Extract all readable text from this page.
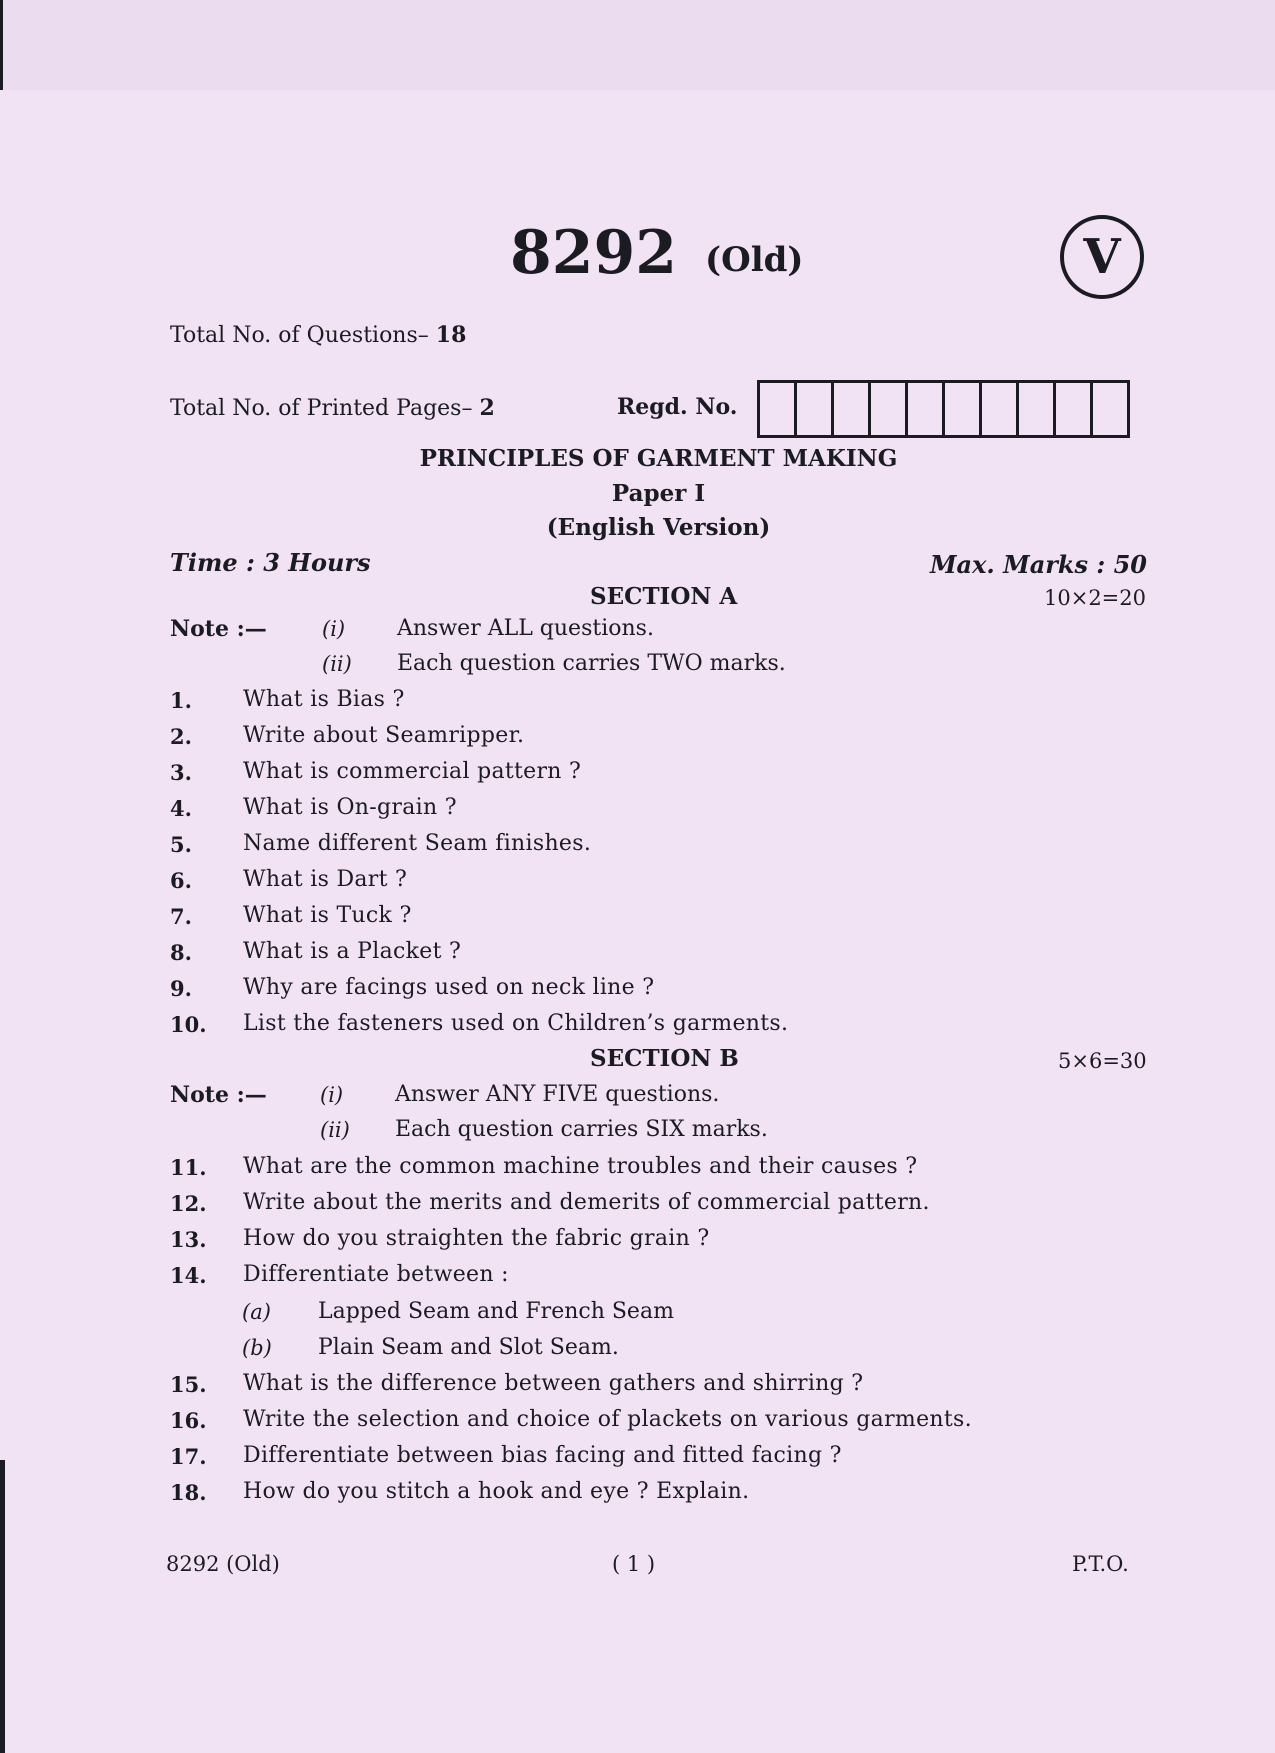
8292 (Old)	V
Total No. of Questions– 18
Total No. of Printed Pages– 2	Regd. No.
PRINCIPLES OF GARMENT MAKING
Paper I
(English Version)
Time : 3 Hours	Max. Marks : 50
SECTION A	10×2=20
Note :—	(i) Answer ALL questions.
(ii) Each question carries TWO marks.
1. What is Bias ?
2. Write about Seamripper.
3. What is commercial pattern ?
4. What is On-grain ?
5. Name different Seam finishes.
6. What is Dart ?
7. What is Tuck ?
8. What is a Placket ?
9. Why are facings used on neck line ?
10. List the fasteners used on Children’s garments.
SECTION B	5×6=30
Note :—	(i) Answer ANY FIVE questions.
(ii) Each question carries SIX marks.
11. What are the common machine troubles and their causes ?
12. Write about the merits and demerits of commercial pattern.
13. How do you straighten the fabric grain ?
14. Differentiate between :
(a) Lapped Seam and French Seam
(b) Plain Seam and Slot Seam.
15. What is the difference between gathers and shirring ?
16. Write the selection and choice of plackets on various garments.
17. Differentiate between bias facing and fitted facing ?
18. How do you stitch a hook and eye ? Explain.
8292 (Old)	( 1 )	P.T.O.
